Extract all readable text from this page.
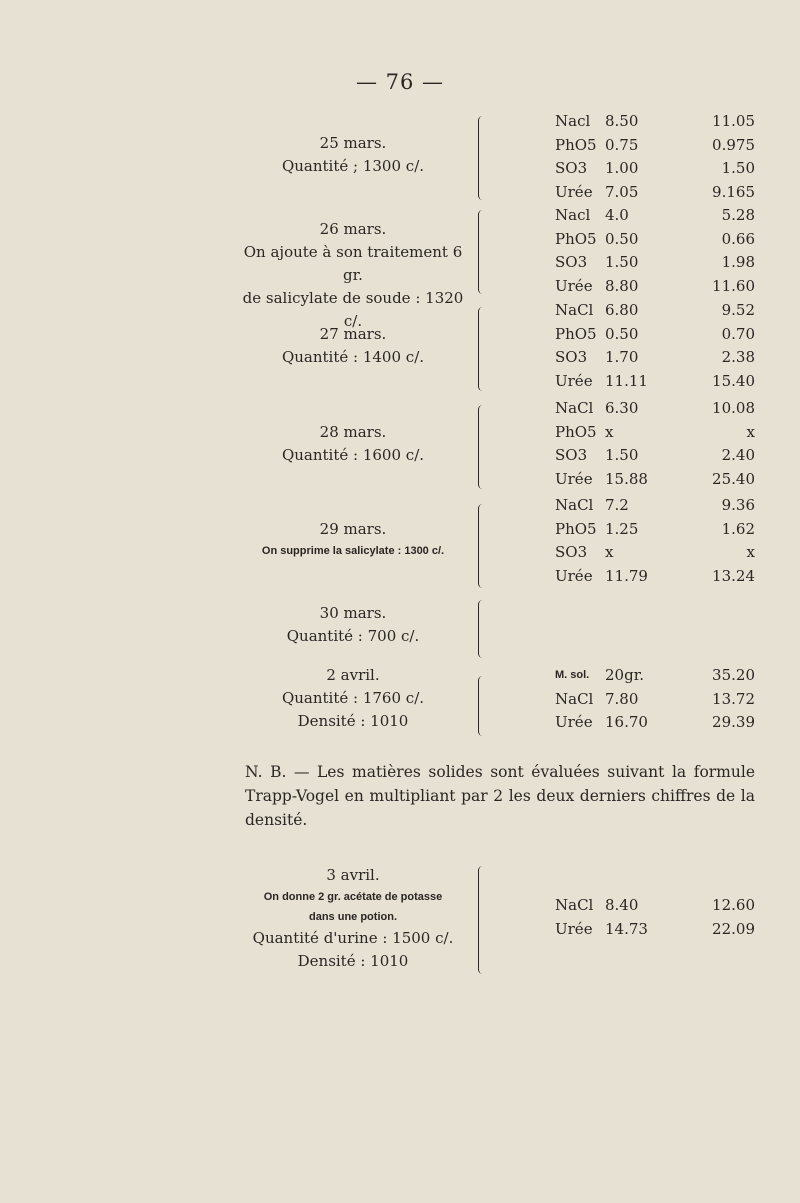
— 76 —
25 mars.
Quantité ; 1300 c/.
Nacl 8.50	11.05
PhO5 0.75	0.975
SO3 1.00	1.50
Urée 7.05	9.165
26 mars.
On ajoute à son traitement 6 gr.
de salicylate de soude : 1320 c/.
Nacl 4.0	5.28
PhO5 0.50	0.66
SO3 1.50	1.98
Urée 8.80	11.60
27 mars.
Quantité : 1400 c/.
NaCl 6.80	9.52
PhO5 0.50	0.70
SO3 1.70	2.38
Urée 11.11	15.40
28 mars.
Quantité : 1600 c/.
NaCl 6.30	10.08
PhO5 x	x
SO3 1.50	2.40
Urée 15.88	25.40
29 mars.
On supprime la salicylate : 1300 c/.
NaCl 7.2	9.36
PhO5 1.25	1.62
SO3 x	x
Urée 11.79	13.24
30 mars.
Quantité : 700 c/.
2 avril.
Quantité : 1760 c/.
Densité : 1010
M. sol. 20gr.	35.20
NaCl 7.80	13.72
Urée 16.70	29.39
N. B. — Les matières solides sont évaluées suivant la formule Trapp-Vogel en multipliant par 2 les deux derniers chiffres de la densité.
3 avril.
On donne 2 gr. acétate de potasse
dans une potion.
Quantité d'urine : 1500 c/.
Densité : 1010
NaCl 8.40	12.60
Urée 14.73	22.09
